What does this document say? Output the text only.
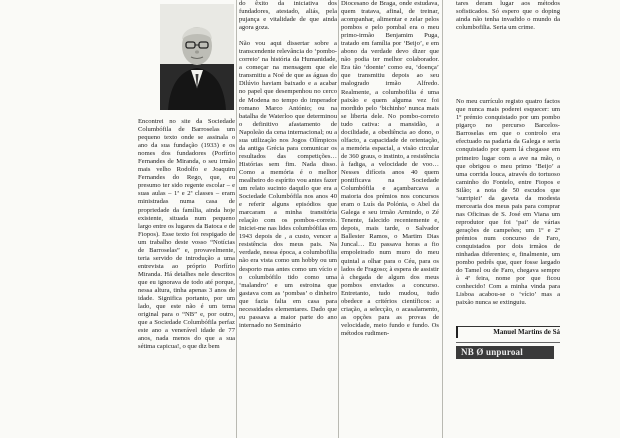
Encontrei no site da Sociedade Columbófila de Barroselas um pequeno texto onde se assinala o ano da sua fundação (1933) e os nomes dos fundadores (Porfírio Fernandes de Miranda, o seu irmão mais velho Rodolfo e Joaquim Fernandes do Rego, que, eu presumo ter sido regente escolar – e suas aulas – 1ª e 2ª classes – eram ministradas numa casa de propriedade da família, ainda hoje existente, situada num pequeno largo entre os lugares da Batoca e de Fiopos). Esse texto foi respigado de um trabalho deste vosso “Notícias de Barroselas” e, provavelmente, teria servido de introdução a uma entrevista ao próprio Porfírio Miranda. Há detalhes nele descritos que eu ignorava de todo até porque, nessa altura, tinha apenas 3 anos de idade. Significa portanto, por um lado, que este não é um tema original para o “NB” e, por outro, que a Sociedade Columbófila perfaz este ano a venerável idade de 77 anos, nada menos do que a sua sétima capicua!, o que diz bem

do êxito da iniciativa dos fundadores, atestado, aliás, pela pujança e vitalidade de que ainda agora goza.

Não vou aqui dissertar sobre a transcendente relevância do ‘pombo-correio’ na história da Humanidade, a começar na mensagem que ele transmitiu a Noé de que as águas do Dilúvio haviam baixado e a acabar no papel que desempenhou no cerco de Modena no tempo do imperador romano Marco António; ou na batalha de Waterloo que determinou o definitivo afastamento de Napoleão da cena internacional; ou a sua utilização nos Jogos Olímpicos da antiga Grécia para comunicar os resultados das competições… Histórias sem fim. Nada disso. Como a memória é o melhor mealheiro do espírito vou antes fazer um relato sucinto daquilo que era a Sociedade Columbófila nos anos 40 e referir alguns episódios que marcaram a minha transitória relação com os pombos-correio. Iniciei-me nas lides columbófilas em 1943 depois de , a custo, vencer a resistência dos meus pais. Na verdade, nessa época, a columbofilia não era vista como um hobby ou um desporto mas antes como um vício e o columbófilo tido como uma ‘malandro’ e um estroina que gastava com as ‘pombas’ o dinheiro que fazia falta em casa para necessidades elementares. Dado que eu passava a maior parte do ano internado no Seminário

Diocesano de Braga, onde estudava, quem tratava, afinal, de treinar, acompanhar, alimentar e zelar pelos pombos e pelo pombal era o meu primo-irmão Benjamim Puga, tratado em família por ‘Beijo’, e em abono da verdade devo dizer que não podia ter melhor colaborador. Era tão ‘doente’ como eu, ‘doença’ que transmitiu depois ao seu malogrado irmão Alfredo. Realmente, a columbofilia é uma paixão e quem alguma vez foi mordido pelo ‘bichinho’ nunca mais se liberta dele. No pombo-correio tudo cativa: a mansidão, a docilidade, a obediência ao dono, o olfacto, a capacidade de orientação, a memória espacial, a visão circular de 360 graus, o instinto, a resistência à fadiga, a velocidade de voo… Nesses difíceis anos 40 quem pontificava na Sociedade Columbófila e açambarcava a maioria dos prémios nos concursos eram o Luís da Polónia, o Abel da Galega e seu irmão Armindo, o Zé Tenente, falecido recentemente e, depois, mais tarde, o Salvador Ballester Ramos, o Martim Dias Juncal… Eu passava horas a fio empoleirado num muro do meu quintal a olhar para o Céu, para os lados de Fragoso; à espera de assistir à chegada de algum dos meus pombos enviados a concurso. Entretanto, tudo mudou, tudo obedece a critérios científicos: a criação, a selecção, o acasalamento, as opções para as provas de velocidade, meio fundo e fundo. Os métodos rudimen-

tares deram lugar aos métodos sofisticados. Só espero que o doping ainda não tenha invadido o mundo da columbofilia. Seria um crime.

No meu currículo registo quatro factos que nunca mais poderei esquecer: um 1º prémio conquistado por um pombo pigarço no percurso Barcelos-Barroselas em que o controlo era efectuado na padaria da Galega e seria conquistado por quem lá chegasse em primeiro lugar com a ave na mão, o que obrigou o meu primo ‘Beijo’ a uma corrida louca, através do tortuoso caminho do Fontelo, entre Fiopos e Silão; a nota de 50 escudos que ‘surripiei’ da gaveta da modesta mercearia dos meus pais para comprar nas Oficinas de S. José em Viana um reprodutor que foi ‘pai’ de várias gerações de campeões; um 1º e 2º prémios num concurso de Faro, conquistados por dois irmãos de ninhadas diferentes; e, finalmente, um pombo pedrês que, quer fosse largado do Tamel ou de Faro, chegava sempre à 4ª feira, nome por que ficou conhecido! Com a minha vinda para Lisboa acabou-se o ‘vício’ mas a paixão nunca se extinguiu.

Manuel Martins de Sá
NB Ø unpuroal
